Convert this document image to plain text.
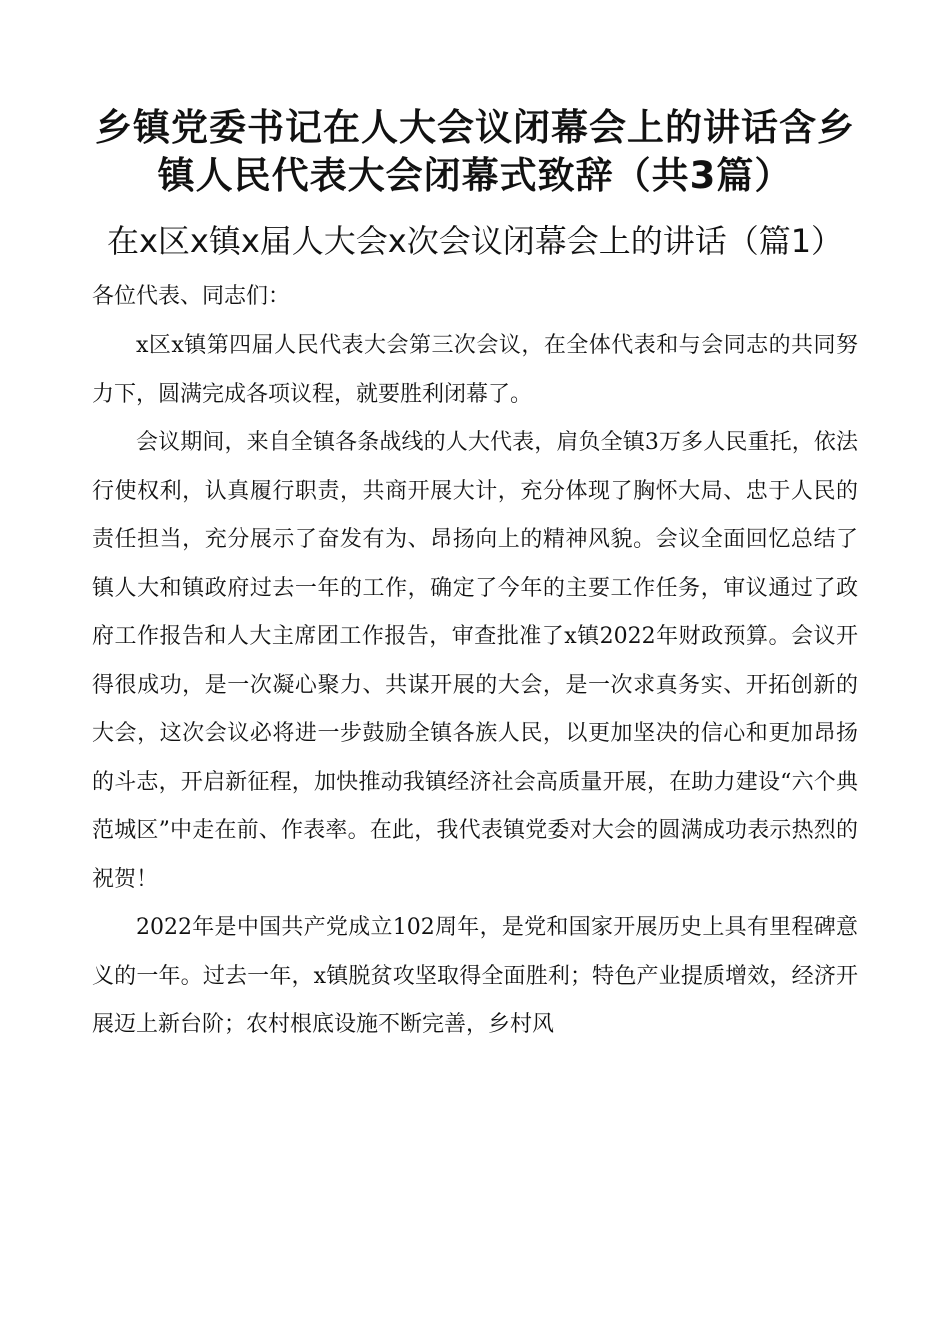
乡镇党委书记在人大会议闭幕会上的讲话含乡镇人民代表大会闭幕式致辞（共3篇）
在x区x镇x届人大会x次会议闭幕会上的讲话（篇1）

各位代表、同志们：

x区x镇第四届人民代表大会第三次会议，在全体代表和与会同志的共同努力下，圆满完成各项议程，就要胜利闭幕了。

会议期间，来自全镇各条战线的人大代表，肩负全镇3万多人民重托，依法行使权利，认真履行职责，共商开展大计，充分体现了胸怀大局、忠于人民的责任担当，充分展示了奋发有为、昂扬向上的精神风貌。会议全面回忆总结了镇人大和镇政府过去一年的工作，确定了今年的主要工作任务，审议通过了政府工作报告和人大主席团工作报告，审查批准了x镇2022年财政预算。会议开得很成功，是一次凝心聚力、共谋开展的大会，是一次求真务实、开拓创新的大会，这次会议必将进一步鼓励全镇各族人民，以更加坚决的信心和更加昂扬的斗志，开启新征程，加快推动我镇经济社会高质量开展，在助力建设“六个典范城区”中走在前、作表率。在此，我代表镇党委对大会的圆满成功表示热烈的祝贺！

2022年是中国共产党成立102周年，是党和国家开展历史上具有里程碑意义的一年。过去一年，x镇脱贫攻坚取得全面胜利；特色产业提质增效，经济开展迈上新台阶；农村根底设施不断完善，乡村风
